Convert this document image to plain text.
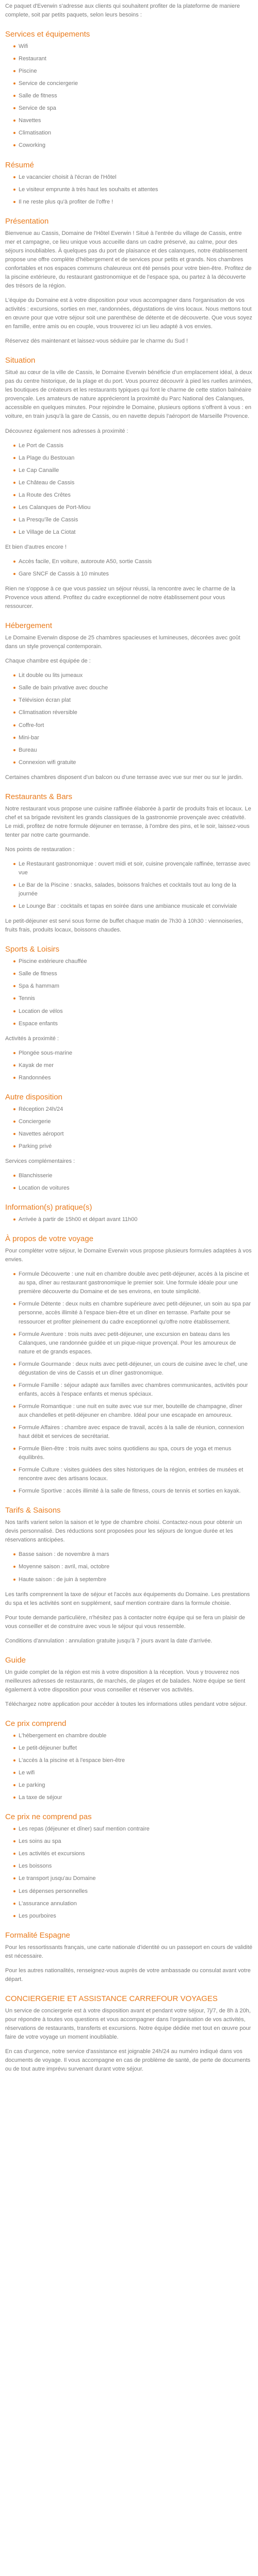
Ce paquet d'Everwin s'adresse aux clients qui souhaitent profiter de la plateforme de maniere complete, soit par petits paquets, selon leurs besoins :

Services et équipements
Wifi
Restaurant
Piscine
Service de conciergerie
Salle de fitness
Service de spa
Navettes
Climatisation
Coworking
Résumé
Le vacancier choisit à l'écran de l'Hôtel
Le visiteur emprunte à très haut les souhaits et attentes
Il ne reste plus qu'à profiter de l'offre !
Présentation

Bienvenue au Cassis, Domaine de l'Hôtel Everwin ! Situé à l'entrée du village de Cassis, entre mer et campagne, ce lieu unique vous accueille dans un cadre préservé, au calme, pour des séjours inoubliables. À quelques pas du port de plaisance et des calanques, notre établissement propose une offre complète d'hébergement et de services pour petits et grands. Nos chambres confortables et nos espaces communs chaleureux ont été pensés pour votre bien-être. Profitez de la piscine extérieure, du restaurant gastronomique et de l'espace spa, ou partez à la découverte des trésors de la région.

L'équipe du Domaine est à votre disposition pour vous accompagner dans l'organisation de vos activités : excursions, sorties en mer, randonnées, dégustations de vins locaux. Nous mettons tout en œuvre pour que votre séjour soit une parenthèse de détente et de découverte. Que vous soyez en famille, entre amis ou en couple, vous trouverez ici un lieu adapté à vos envies.

Réservez dès maintenant et laissez-vous séduire par le charme du Sud !

Situation

Situé au cœur de la ville de Cassis, le Domaine Everwin bénéficie d'un emplacement idéal, à deux pas du centre historique, de la plage et du port. Vous pourrez découvrir à pied les ruelles animées, les boutiques de créateurs et les restaurants typiques qui font le charme de cette station balnéaire provençale. Les amateurs de nature apprécieront la proximité du Parc National des Calanques, accessible en quelques minutes. Pour rejoindre le Domaine, plusieurs options s'offrent à vous : en voiture, en train jusqu'à la gare de Cassis, ou en navette depuis l'aéroport de Marseille Provence.

Découvrez également nos adresses à proximité :

Le Port de Cassis
La Plage du Bestouan
Le Cap Canaille
Le Château de Cassis
La Route des Crêtes
Les Calanques de Port-Miou
La Presqu'île de Cassis
Le Village de La Ciotat

Et bien d'autres encore !

Accès facile, En voiture, autoroute A50, sortie Cassis
Gare SNCF de Cassis à 10 minutes

Rien ne s'oppose à ce que vous passiez un séjour réussi, la rencontre avec le charme de la Provence vous attend. Profitez du cadre exceptionnel de notre établissement pour vous ressourcer.

Hébergement

Le Domaine Everwin dispose de 25 chambres spacieuses et lumineuses, décorées avec goût dans un style provençal contemporain.

Chaque chambre est équipée de :

Lit double ou lits jumeaux
Salle de bain privative avec douche
Télévision écran plat
Climatisation réversible
Coffre-fort
Mini-bar
Bureau
Connexion wifi gratuite

Certaines chambres disposent d'un balcon ou d'une terrasse avec vue sur mer ou sur le jardin.

Restaurants & Bars

Notre restaurant vous propose une cuisine raffinée élaborée à partir de produits frais et locaux. Le chef et sa brigade revisitent les grands classiques de la gastronomie provençale avec créativité. Le midi, profitez de notre formule déjeuner en terrasse, à l'ombre des pins, et le soir, laissez-vous tenter par notre carte gourmande.

Nos points de restauration :

Le Restaurant gastronomique : ouvert midi et soir, cuisine provençale raffinée, terrasse avec vue
Le Bar de la Piscine : snacks, salades, boissons fraîches et cocktails tout au long de la journée
Le Lounge Bar : cocktails et tapas en soirée dans une ambiance musicale et conviviale

Le petit-déjeuner est servi sous forme de buffet chaque matin de 7h30 à 10h30 : viennoiseries, fruits frais, produits locaux, boissons chaudes.

Sports & Loisirs
Piscine extérieure chauffée
Salle de fitness
Spa & hammam
Tennis
Location de vélos
Espace enfants

Activités à proximité :

Plongée sous-marine
Kayak de mer
Randonnées
Autre disposition
Réception 24h/24
Conciergerie
Navettes aéroport
Parking privé

Services complémentaires :

Blanchisserie
Location de voitures
Information(s) pratique(s)
Arrivée à partir de 15h00 et départ avant 11h00
À propos de votre voyage

Pour compléter votre séjour, le Domaine Everwin vous propose plusieurs formules adaptées à vos envies.

Formule Découverte : une nuit en chambre double avec petit-déjeuner, accès à la piscine et au spa, dîner au restaurant gastronomique le premier soir. Une formule idéale pour une première découverte du Domaine et de ses environs, en toute simplicité.
Formule Détente : deux nuits en chambre supérieure avec petit-déjeuner, un soin au spa par personne, accès illimité à l'espace bien-être et un dîner en terrasse. Parfaite pour se ressourcer et profiter pleinement du cadre exceptionnel qu'offre notre établissement.
Formule Aventure : trois nuits avec petit-déjeuner, une excursion en bateau dans les Calanques, une randonnée guidée et un pique-nique provençal. Pour les amoureux de nature et de grands espaces.
Formule Gourmande : deux nuits avec petit-déjeuner, un cours de cuisine avec le chef, une dégustation de vins de Cassis et un dîner gastronomique.
Formule Famille : séjour adapté aux familles avec chambres communicantes, activités pour enfants, accès à l'espace enfants et menus spéciaux.
Formule Romantique : une nuit en suite avec vue sur mer, bouteille de champagne, dîner aux chandelles et petit-déjeuner en chambre. Idéal pour une escapade en amoureux.
Formule Affaires : chambre avec espace de travail, accès à la salle de réunion, connexion haut débit et services de secrétariat.
Formule Bien-être : trois nuits avec soins quotidiens au spa, cours de yoga et menus équilibrés.
Formule Culture : visites guidées des sites historiques de la région, entrées de musées et rencontre avec des artisans locaux.
Formule Sportive : accès illimité à la salle de fitness, cours de tennis et sorties en kayak.
Tarifs & Saisons

Nos tarifs varient selon la saison et le type de chambre choisi. Contactez-nous pour obtenir un devis personnalisé. Des réductions sont proposées pour les séjours de longue durée et les réservations anticipées.

Basse saison : de novembre à mars
Moyenne saison : avril, mai, octobre
Haute saison : de juin à septembre

Les tarifs comprennent la taxe de séjour et l'accès aux équipements du Domaine. Les prestations du spa et les activités sont en supplément, sauf mention contraire dans la formule choisie.

Pour toute demande particulière, n'hésitez pas à contacter notre équipe qui se fera un plaisir de vous conseiller et de construire avec vous le séjour qui vous ressemble.

Conditions d'annulation : annulation gratuite jusqu'à 7 jours avant la date d'arrivée.

Guide

Un guide complet de la région est mis à votre disposition à la réception. Vous y trouverez nos meilleures adresses de restaurants, de marchés, de plages et de balades. Notre équipe se tient également à votre disposition pour vous conseiller et réserver vos activités.

Téléchargez notre application pour accéder à toutes les informations utiles pendant votre séjour.

Ce prix comprend
L'hébergement en chambre double
Le petit-déjeuner buffet
L'accès à la piscine et à l'espace bien-être
Le wifi
Le parking
La taxe de séjour
Ce prix ne comprend pas
Les repas (déjeuner et dîner) sauf mention contraire
Les soins au spa
Les activités et excursions
Les boissons
Le transport jusqu'au Domaine
Les dépenses personnelles
L'assurance annulation
Les pourboires
Formalité Espagne

Pour les ressortissants français, une carte nationale d'identité ou un passeport en cours de validité est nécessaire.

Pour les autres nationalités, renseignez-vous auprès de votre ambassade ou consulat avant votre départ.

CONCIERGERIE ET ASSISTANCE CARREFOUR VOYAGES

Un service de conciergerie est à votre disposition avant et pendant votre séjour, 7j/7, de 8h à 20h, pour répondre à toutes vos questions et vous accompagner dans l'organisation de vos activités, réservations de restaurants, transferts et excursions. Notre équipe dédiée met tout en œuvre pour faire de votre voyage un moment inoubliable.

En cas d'urgence, notre service d'assistance est joignable 24h/24 au numéro indiqué dans vos documents de voyage. Il vous accompagne en cas de problème de santé, de perte de documents ou de tout autre imprévu survenant durant votre séjour.
